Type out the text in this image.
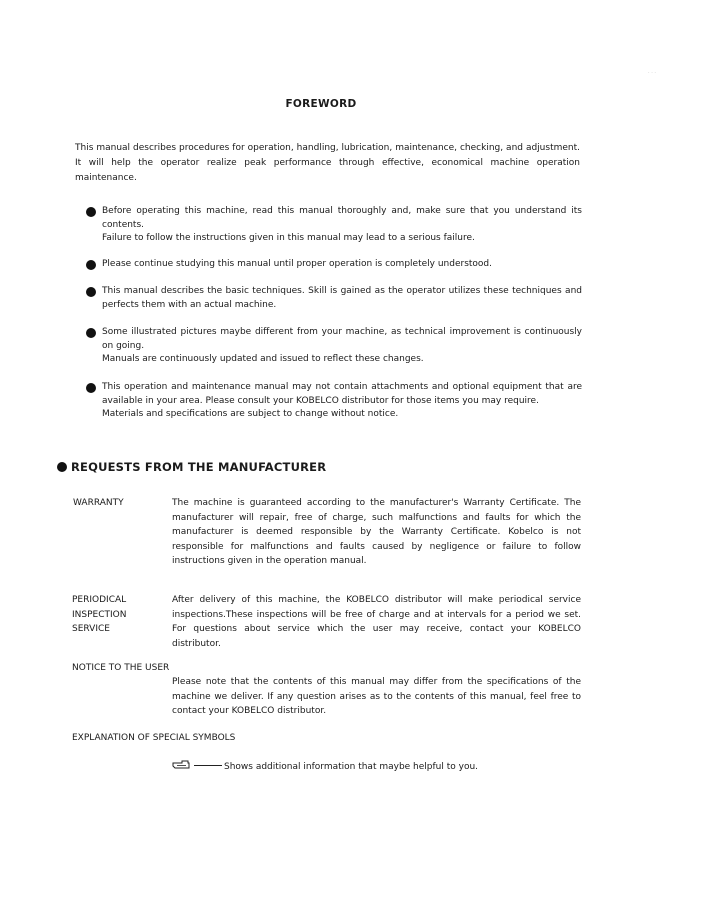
· · ·
FOREWORD
This manual describes procedures for operation, handling, lubrication, maintenance, checking, and adjustment. It will help the operator realize peak performance through effective, economical machine operation maintenance.

Before operating this machine, read this manual thoroughly and, make sure that you understand its contents.

Failure to follow the instructions given in this manual may lead to a serious failure.

Please continue studying this manual until proper operation is completely understood.

This manual describes the basic techniques. Skill is gained as the operator utilizes these techniques and perfects them with an actual machine.

Some illustrated pictures maybe different from your machine, as technical improvement is continuously on going.

Manuals are continuously updated and issued to reflect these changes.

This operation and maintenance manual may not contain attachments and optional equipment that are available in your area. Please consult your KOBELCO distributor for those items you may require.

Materials and specifications are subject to change without notice.

REQUESTS FROM THE MANUFACTURER
WARRANTY	The machine is guaranteed according to the manufacturer's Warranty Certificate. The manufacturer will repair, free of charge, such malfunctions and faults for which the manufacturer is deemed responsible by the Warranty Certificate. Kobelco is not responsible for malfunctions and faults caused by negligence or failure to follow instructions given in the operation manual.
PERIODICAL
INSPECTION
SERVICE
After delivery of this machine, the KOBELCO distributor will make periodical service inspections.These inspections will be free of charge and at intervals for a period we set. For questions about service which the user may receive, contact your KOBELCO distributor.
NOTICE TO THE USER
Please note that the contents of this manual may differ from the specifications of the machine we deliver. If any question arises as to the contents of this manual, feel free to contact your KOBELCO distributor.
EXPLANATION OF SPECIAL SYMBOLS
Shows additional information that maybe helpful to you.
